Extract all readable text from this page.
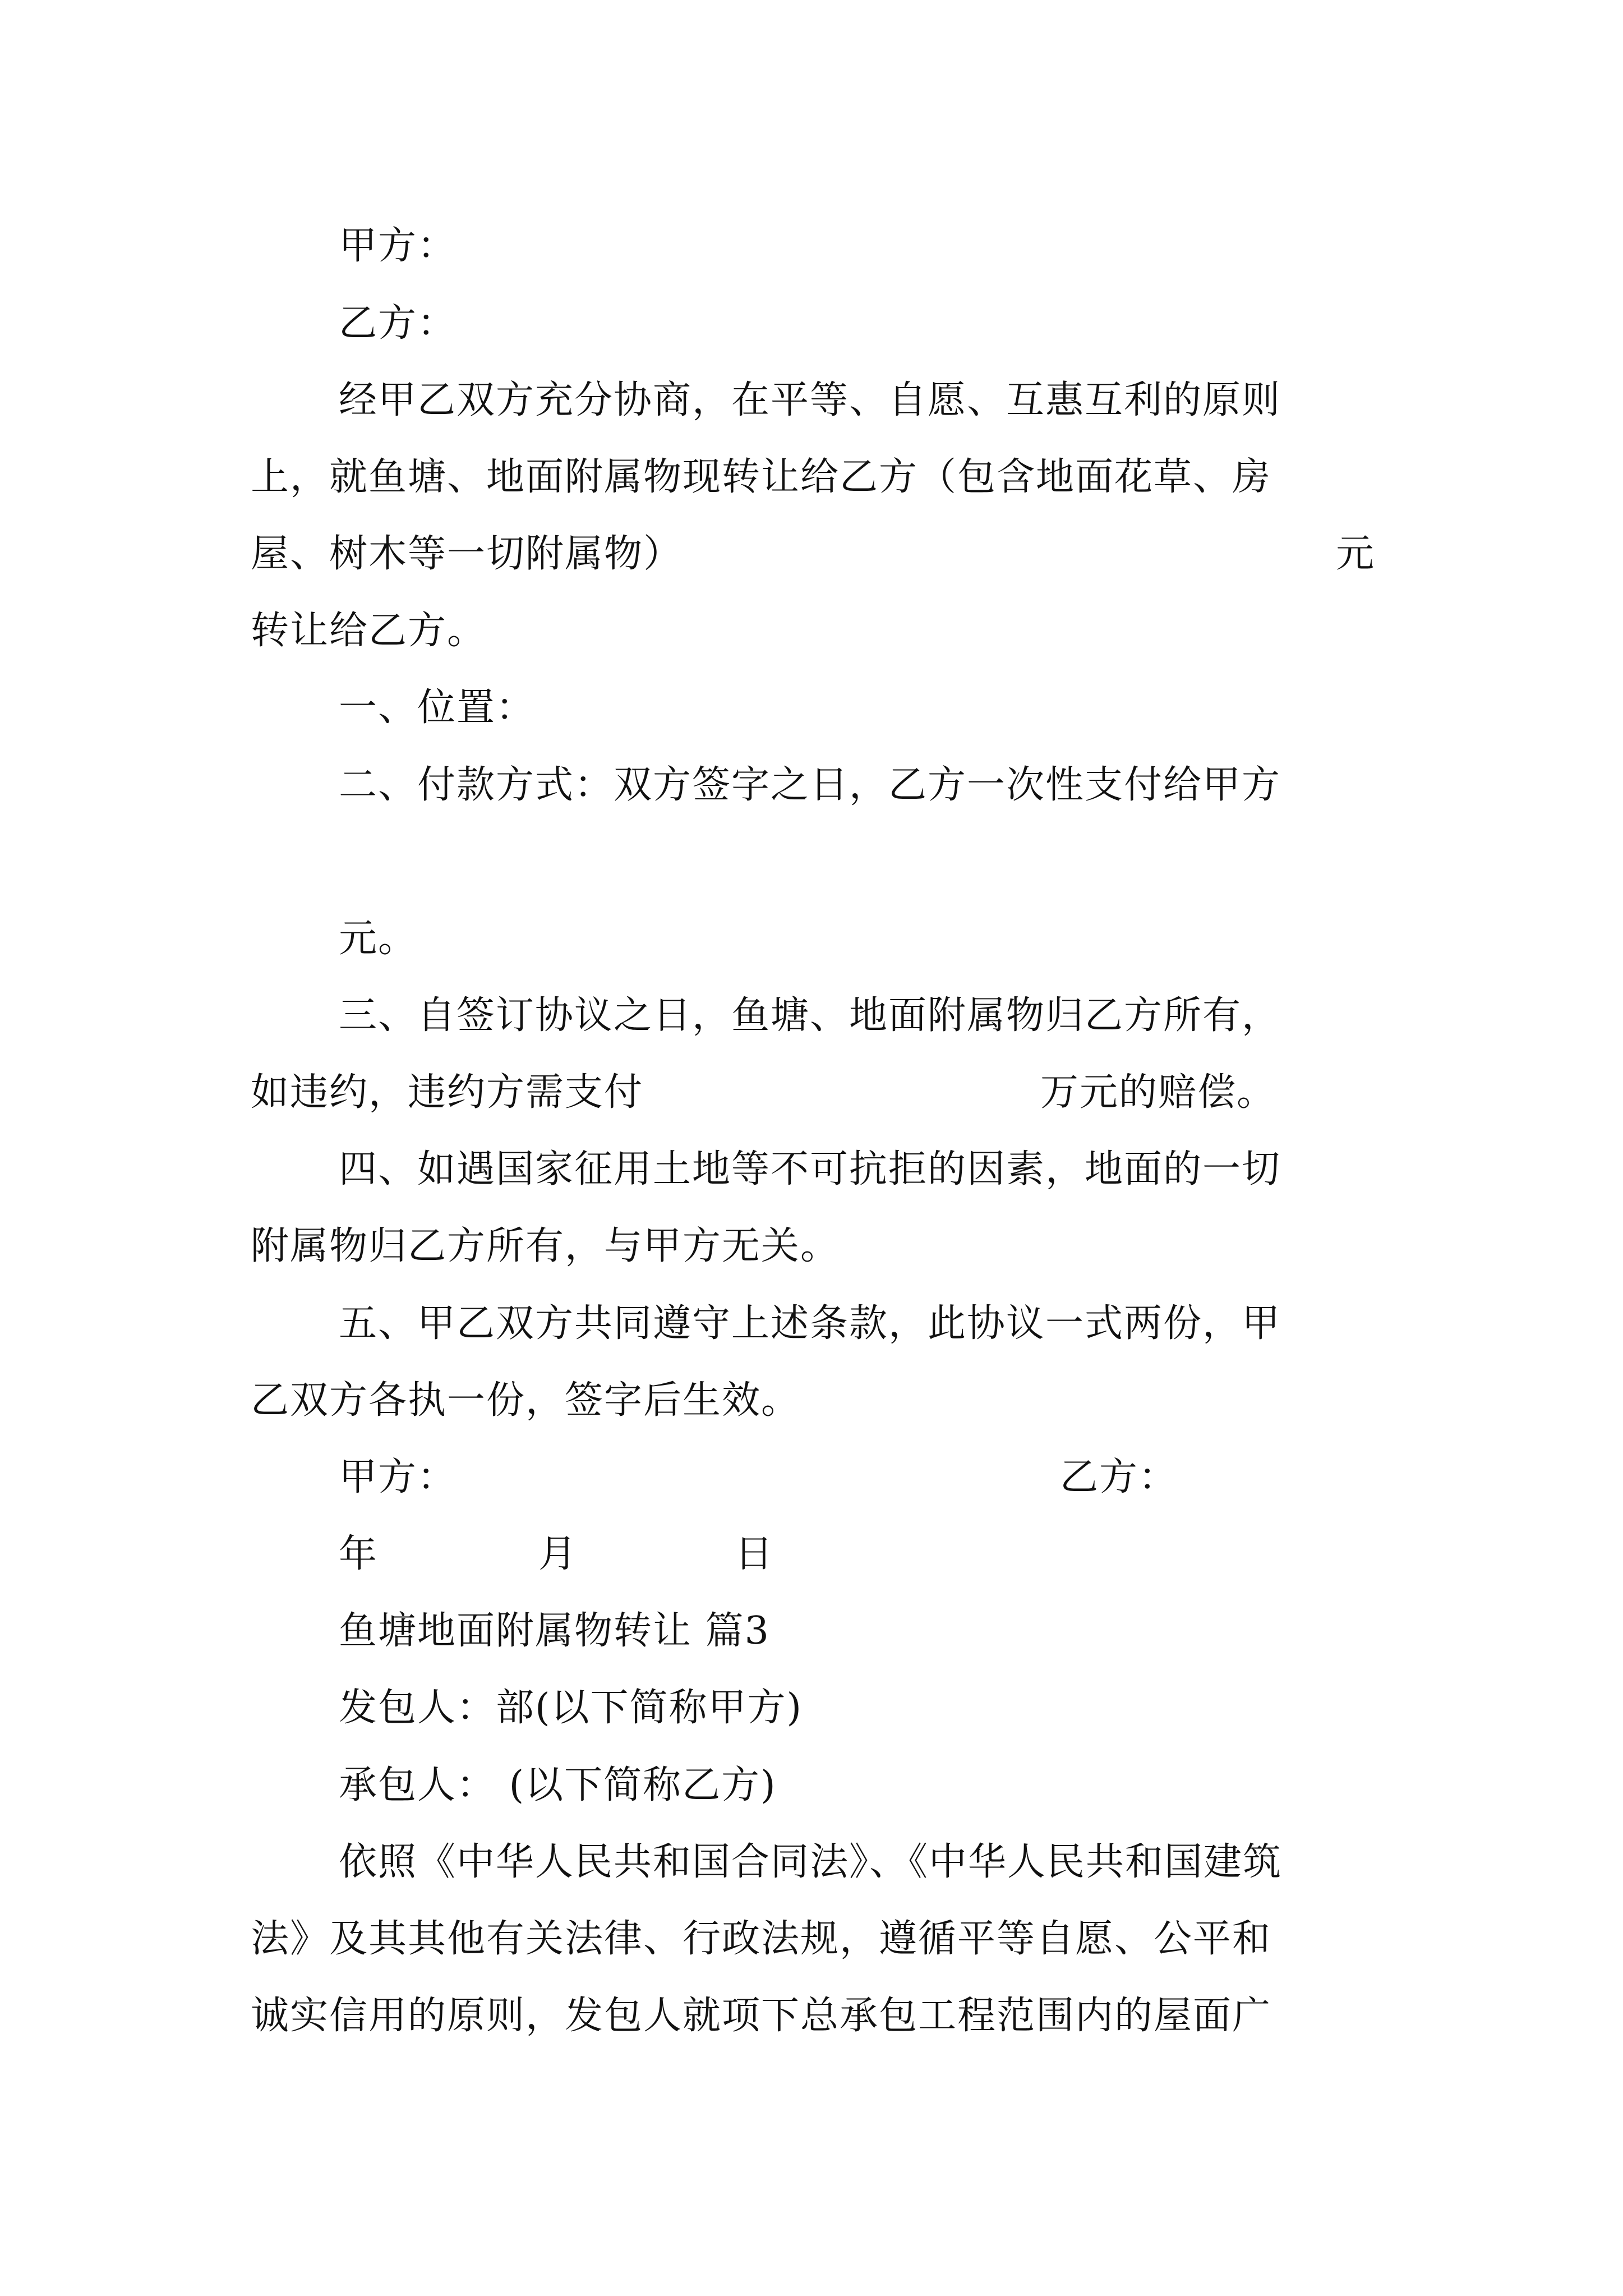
甲方：
乙方：
经甲乙双方充分协商，在平等、自愿、互惠互利的原则
上，就鱼塘、地面附属物现转让给乙方（包含地面花草、房
屋、树木等一切附属物）	元
转让给乙方。
一、位置：
二、付款方式：双方签字之日，乙方一次性支付给甲方
元。
三、自签订协议之日，鱼塘、地面附属物归乙方所有，
如违约，违约方需支付	万元的赔偿。
四、如遇国家征用土地等不可抗拒的因素，地面的一切
附属物归乙方所有，与甲方无关。
五、甲乙双方共同遵守上述条款，此协议一式两份，甲
乙双方各执一份，签字后生效。
甲方：	乙方：
年	月	日
鱼塘地面附属物转让 篇3
发包人：部(以下简称甲方)
承包人： (以下简称乙方)
依照《中华人民共和国合同法》、《中华人民共和国建筑
法》及其其他有关法律、行政法规，遵循平等自愿、公平和
诚实信用的原则，发包人就项下总承包工程范围内的屋面广
